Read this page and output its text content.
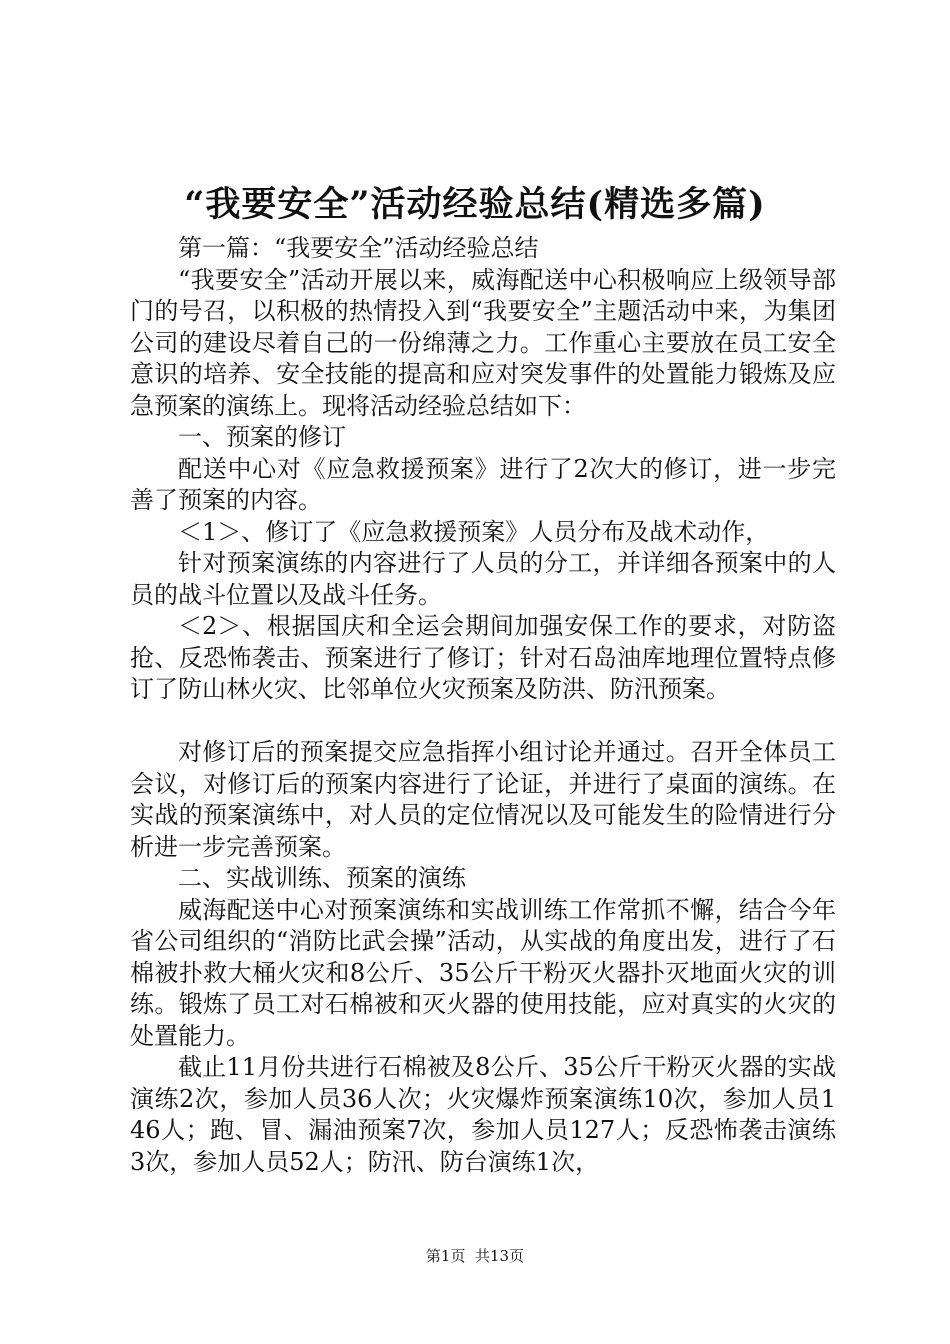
“我要安全”活动经验总结(精选多篇)

第一篇：“我要安全”活动经验总结

“我要安全”活动开展以来，威海配送中心积极响应上级领导部门的号召，以积极的热情投入到“我要安全”主题活动中来，为集团公司的建设尽着自己的一份绵薄之力。工作重心主要放在员工安全意识的培养、安全技能的提高和应对突发事件的处置能力锻炼及应急预案的演练上。现将活动经验总结如下：

一、预案的修订

配送中心对《应急救援预案》进行了2次大的修订，进一步完善了预案的内容。

＜1＞、修订了《应急救援预案》人员分布及战术动作，

针对预案演练的内容进行了人员的分工，并详细各预案中的人员的战斗位置以及战斗任务。

＜2＞、根据国庆和全运会期间加强安保工作的要求，对防盗抢、反恐怖袭击、预案进行了修订；针对石岛油库地理位置特点修订了防山林火灾、比邻单位火灾预案及防洪、防汛预案。

对修订后的预案提交应急指挥小组讨论并通过。召开全体员工会议，对修订后的预案内容进行了论证，并进行了桌面的演练。在实战的预案演练中，对人员的定位情况以及可能发生的险情进行分析进一步完善预案。

二、实战训练、预案的演练

威海配送中心对预案演练和实战训练工作常抓不懈，结合今年省公司组织的“消防比武会操”活动，从实战的角度出发，进行了石棉被扑救大桶火灾和8公斤、35公斤干粉灭火器扑灭地面火灾的训练。锻炼了员工对石棉被和灭火器的使用技能，应对真实的火灾的处置能力。

截止11月份共进行石棉被及8公斤、35公斤干粉灭火器的实战演练2次，参加人员36人次；火灾爆炸预案演练10次，参加人员146人；跑、冒、漏油预案7次，参加人员127人；反恐怖袭击演练3次，参加人员52人；防汛、防台演练1次，

第1页 共13页
